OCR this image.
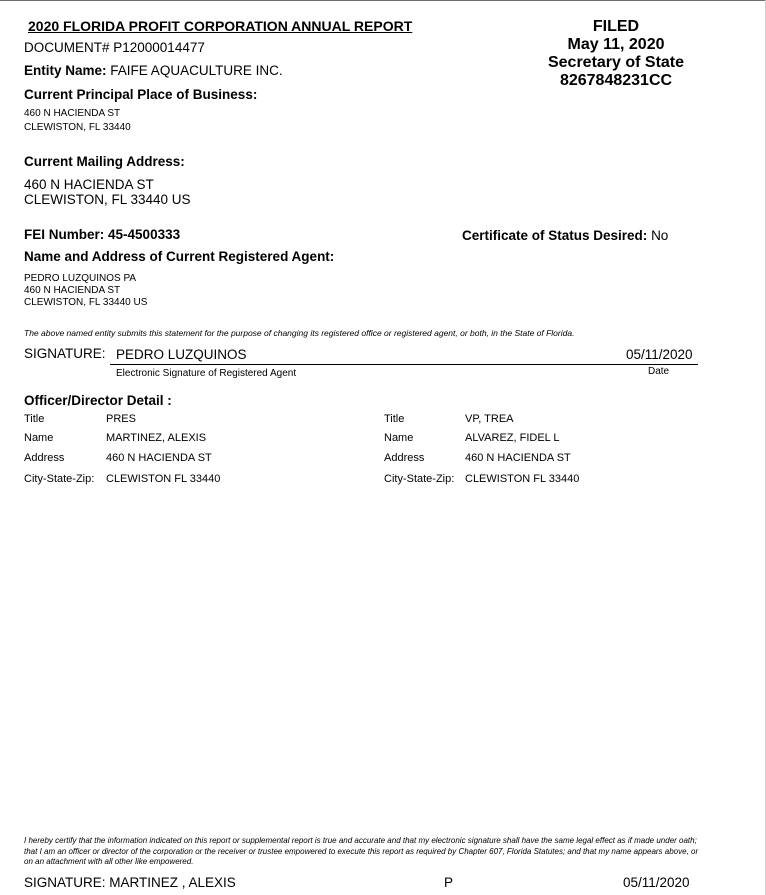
2020 FLORIDA PROFIT CORPORATION ANNUAL REPORT
DOCUMENT# P12000014477
Entity Name: FAIFE AQUACULTURE INC.
FILED
May 11, 2020
Secretary of State
8267848231CC
Current Principal Place of Business:
460 N HACIENDA ST
CLEWISTON, FL 33440
Current Mailing Address:
460 N HACIENDA ST
CLEWISTON, FL 33440 US
FEI Number: 45-4500333	Certificate of Status Desired: No
Name and Address of Current Registered Agent:
PEDRO LUZQUINOS PA
460 N HACIENDA ST
CLEWISTON, FL 33440 US
The above named entity submits this statement for the purpose of changing its registered office or registered agent, or both, in the State of Florida.
SIGNATURE: PEDRO LUZQUINOS	05/11/2020
Electronic Signature of Registered Agent	Date
Officer/Director Detail :
Title	PRES
Name	MARTINEZ, ALEXIS
Address	460 N HACIENDA ST
City-State-Zip: CLEWISTON FL 33440
Title	VP, TREA
Name	ALVAREZ, FIDEL L
Address	460 N HACIENDA ST
City-State-Zip: CLEWISTON FL 33440
I hereby certify that the information indicated on this report or supplemental report is true and accurate and that my electronic signature shall have the same legal effect as if made under oath; that I am an officer or director of the corporation or the receiver or trustee empowered to execute this report as required by Chapter 607, Florida Statutes; and that my name appears above, or on an attachment with all other like empowered.
SIGNATURE: MARTINEZ , ALEXIS	P	05/11/2020
